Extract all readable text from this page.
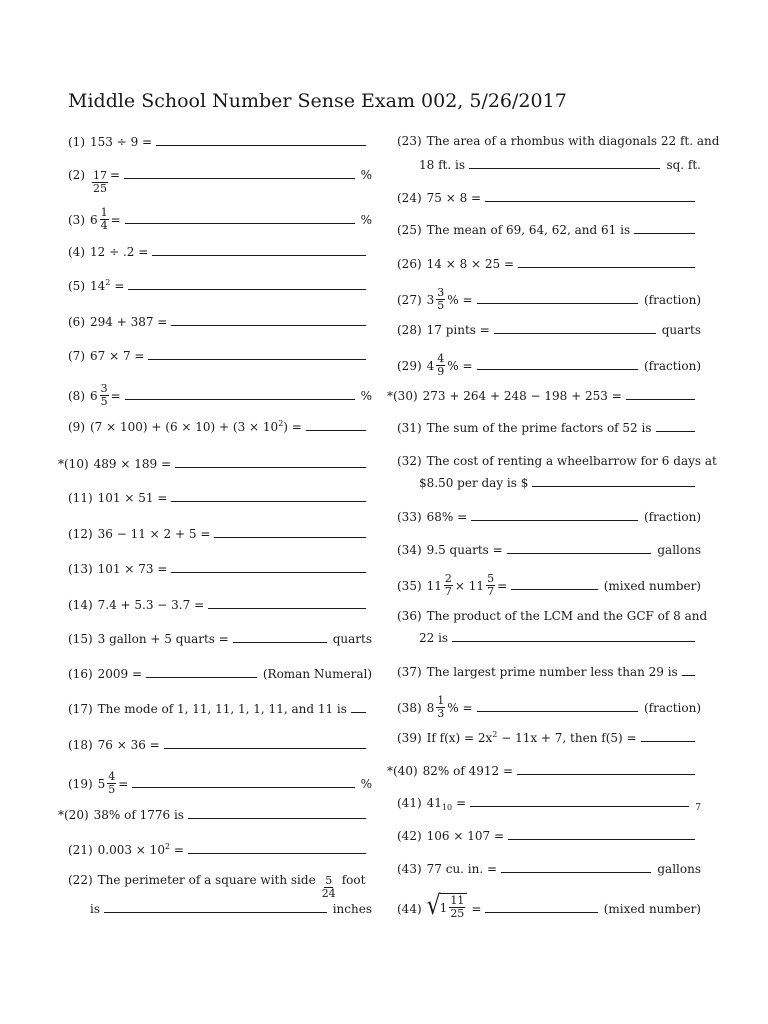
Middle School Number Sense Exam 002, 5/26/2017
(1) 153 ÷ 9 =
$(2) \frac{17}{25}$ =	%
(3) $6 \frac{1}{4}$ =	%
(4) 12 ÷ .2 =
(5) $14^2$ =
(6) 294 + 387 =
(7) 67 × 7 =
(8) $6 \frac{3}{5}$ =	%
(9) $(7 \times 100) + (6 \times 10) + (3 \times 10^2)$ =
* (10) 489 × 189 =
(11) 101 × 51 =
(12) 36 − 11 × 2 + 5 =
(13) 101 × 73 =
(14) 7.4 + 5.3 − 3.7 =
(15) 3 gallon + 5 quarts =	quarts
(16) 2009 =	(Roman Numeral)
(17) The mode of 1, 11, 11, 1, 1, 11, and 11 is
(18) 76 × 36 =
(19) $5 \frac{4}{5}$ =	%
* (20) 38% of 1776 is
(21) $0.003 \times 10^2$ =
(22) The perimeter of a square with side $\frac{5}{24}$ foot
is	inches
(23) The area of a rhombus with diagonals 22 ft. and
18 ft. is	sq. ft.
(24) 75 × 8 =
(25) The mean of 69, 64, 62, and 61 is
(26) 14 × 8 × 25 =
(27) $3 \frac{3}{5}$ % =	(fraction)
(28) 17 pints =	quarts
(29) $4 \frac{4}{9}$ % =	(fraction)
* (30) 273 + 264 + 248 − 198 + 253 =
(31) The sum of the prime factors of 52 is
(32) The cost of renting a wheelbarrow for 6 days at
$8.50 per day is $
(33) 68% =	(fraction)
(34) 9.5 quarts =	gallons
(35) $11 \frac{2}{7} \times 11 \frac{5}{7}$ =	(mixed number)
(36) The product of the LCM and the GCF of 8 and
22 is
(37) The largest prime number less than 29 is
(38) $8 \frac{1}{3}$ % =	(fraction)
(39) If $f(x) = 2x^2 - 11x + 7$, then f(5) =
* (40) 82% of 4912 =
(41) $41_{10}$ =	7
(42) 106 × 107 =
(43) 77 cu. in. =	gallons
(44) √ $1 \frac{11}{25}$ =	(mixed number)
